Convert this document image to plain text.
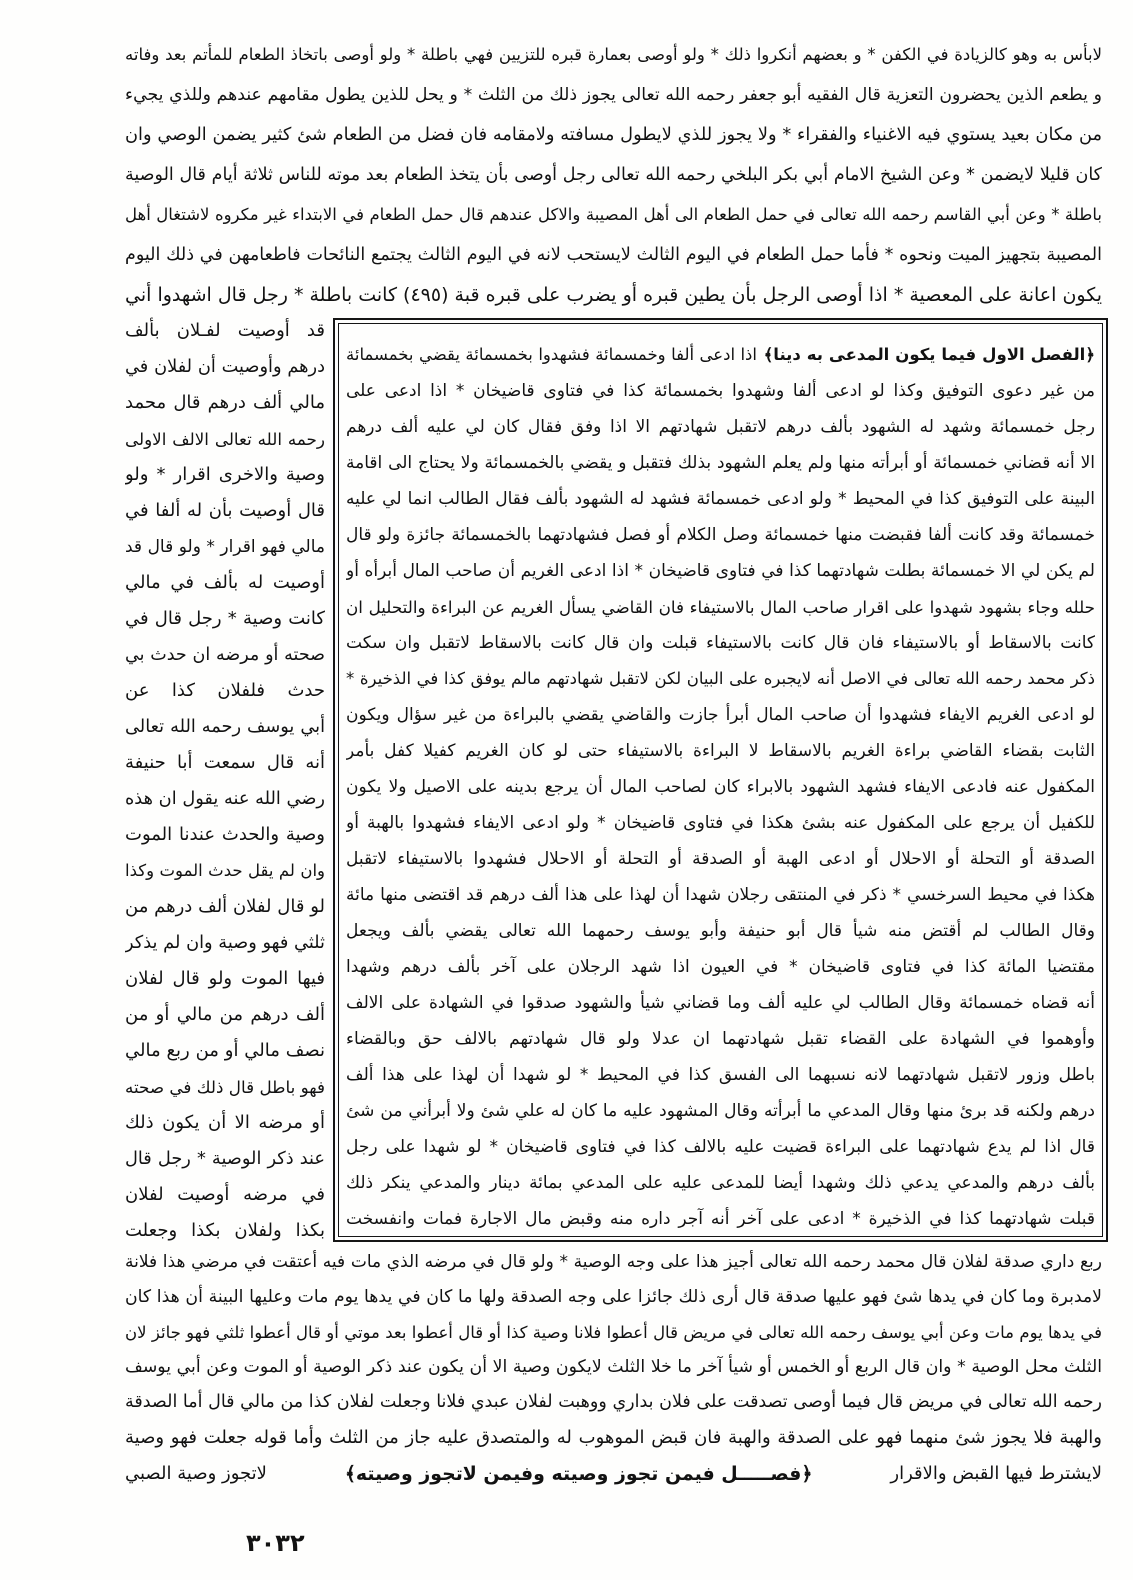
لابأس به وهو كالزيادة في الكفن * و بعضهم أنكروا ذلك * ولو أوصى بعمارة قبره للتزيين فهي باطلة * ولو أوصى باتخاذ الطعام للمأتم بعد وفاته
و يطعم الذين يحضرون التعزية قال الفقيه أبو جعفر رحمه الله تعالى يجوز ذلك من الثلث * و يحل للذين يطول مقامهم عندهم وللذي يجيء
من مكان بعيد يستوي فيه الاغنياء والفقراء * ولا يجوز للذي لايطول مسافته ولامقامه فان فضل من الطعام شئ كثير يضمن الوصي وان
كان قليلا لايضمن * وعن الشيخ الامام أبي بكر البلخي رحمه الله تعالى رجل أوصى بأن يتخذ الطعام بعد موته للناس ثلاثة أيام قال الوصية
باطلة * وعن أبي القاسم رحمه الله تعالى في حمل الطعام الى أهل المصيبة والاكل عندهم قال حمل الطعام في الابتداء غير مكروه لاشتغال أهل
المصيبة بتجهيز الميت ونحوه * فأما حمل الطعام في اليوم الثالث لايستحب لانه في اليوم الثالث يجتمع النائحات فاطعامهن في ذلك اليوم
يكون اعانة على المعصية * اذا أوصى الرجل بأن يطين قبره أو يضرب على قبره قبة (٤٩٥) كانت باطلة * رجل قال اشهدوا أني
﴿الفصل الاول فيما يكون المدعى به دينا﴾اذا ادعى ألفا وخمسمائة فشهدوا بخمسمائة يقضي بخمسمائة
من غير دعوى التوفيق وكذا لو ادعى ألفا وشهدوا بخمسمائة كذا في فتاوى قاضيخان * اذا ادعى على
رجل خمسمائة وشهد له الشهود بألف درهم لاتقبل شهادتهم الا اذا وفق فقال كان لي عليه ألف درهم
الا أنه قضاني خمسمائة أو أبرأته منها ولم يعلم الشهود بذلك فتقبل و يقضي بالخمسمائة ولا يحتاج الى اقامة
البينة على التوفيق كذا في المحيط * ولو ادعى خمسمائة فشهد له الشهود بألف فقال الطالب انما لي عليه
خمسمائة وقد كانت ألفا فقبضت منها خمسمائة وصل الكلام أو فصل فشهادتهما بالخمسمائة جائزة ولو قال
لم يكن لي الا خمسمائة بطلت شهادتهما كذا في فتاوى قاضيخان * اذا ادعى الغريم أن صاحب المال أبرأه أو
حلله وجاء بشهود شهدوا على اقرار صاحب المال بالاستيفاء فان القاضي يسأل الغريم عن البراءة والتحليل ان
كانت بالاسقاط أو بالاستيفاء فان قال كانت بالاستيفاء قبلت وان قال كانت بالاسقاط لاتقبل وان سكت
ذكر محمد رحمه الله تعالى في الاصل أنه لايجبره على البيان لكن لاتقبل شهادتهم مالم يوفق كذا في الذخيرة *
لو ادعى الغريم الايفاء فشهدوا أن صاحب المال أبرأ جازت والقاضي يقضي بالبراءة من غير سؤال ويكون
الثابت بقضاء القاضي براءة الغريم بالاسقاط لا البراءة بالاستيفاء حتى لو كان الغريم كفيلا كفل بأمر
المكفول عنه فادعى الايفاء فشهد الشهود بالابراء كان لصاحب المال أن يرجع بدينه على الاصيل ولا يكون
للكفيل أن يرجع على المكفول عنه بشئ هكذا في فتاوى قاضيخان * ولو ادعى الايفاء فشهدوا بالهبة أو
الصدقة أو التحلة أو الاحلال أو ادعى الهبة أو الصدقة أو التحلة أو الاحلال فشهدوا بالاستيفاء لاتقبل
هكذا في محيط السرخسي * ذكر في المنتقى رجلان شهدا أن لهذا على هذا ألف درهم قد اقتضى منها مائة
وقال الطالب لم أقتض منه شيأ قال أبو حنيفة وأبو يوسف رحمهما الله تعالى يقضي بألف ويجعل
مقتضيا المائة كذا في فتاوى قاضيخان * في العيون اذا شهد الرجلان على آخر بألف درهم وشهدا
أنه قضاه خمسمائة وقال الطالب لي عليه ألف وما قضاني شيأ والشهود صدقوا في الشهادة على الالف
وأوهموا في الشهادة على القضاء تقبل شهادتهما ان عدلا ولو قال شهادتهم بالالف حق وبالقضاء
باطل وزور لاتقبل شهادتهما لانه نسبهما الى الفسق كذا في المحيط * لو شهدا أن لهذا على هذا ألف
درهم ولكنه قد برئ منها وقال المدعي ما أبرأته وقال المشهود عليه ما كان له علي شئ ولا أبرأني من شئ
قال اذا لم يدع شهادتهما على البراءة قضيت عليه بالالف كذا في فتاوى قاضيخان * لو شهدا على رجل
بألف درهم والمدعي يدعي ذلك وشهدا أيضا للمدعى عليه على المدعي بمائة دينار والمدعي ينكر ذلك
قبلت شهادتهما كذا في الذخيرة * ادعى على آخر أنه آجر داره منه وقبض مال الاجارة فمات وانفسخت
قد أوصيت لفـلان بألف
درهم وأوصيت أن لفلان في
مالي ألف درهم قال محمد
رحمه الله تعالى الالف الاولى
وصية والاخرى اقرار * ولو
قال أوصيت بأن له ألفا في
مالي فهو اقرار * ولو قال قد
أوصيت له بألف في مالي
كانت وصية * رجل قال في
صحته أو مرضه ان حدث بي
حدث فلفلان كذا عن
أبي يوسف رحمه الله تعالى
أنه قال سمعت أبا حنيفة
رضي الله عنه يقول ان هذه
وصية والحدث عندنا الموت
وان لم يقل حدث الموت وكذا
لو قال لفلان ألف درهم من
ثلثي فهو وصية وان لم يذكر
فيها الموت ولو قال لفلان
ألف درهم من مالي أو من
نصف مالي أو من ربع مالي
فهو باطل قال ذلك في صحته
أو مرضه الا أن يكون ذلك
عند ذكر الوصية * رجل قال
في مرضه أوصيت لفلان
بكذا ولفلان بكذا وجعلت
ربع داري صدقة لفلان قال محمد رحمه الله تعالى أجيز هذا على وجه الوصية * ولو قال في مرضه الذي مات فيه أعتقت في مرضي هذا فلانة
لامدبرة وما كان في يدها شئ فهو عليها صدقة قال أرى ذلك جائزا على وجه الصدقة ولها ما كان في يدها يوم مات وعليها البينة أن هذا كان
في يدها يوم مات وعن أبي يوسف رحمه الله تعالى في مريض قال أعطوا فلانا وصية كذا أو قال أعطوا بعد موتي أو قال أعطوا ثلثي فهو جائز لان
الثلث محل الوصية * وان قال الربع أو الخمس أو شيأ آخر ما خلا الثلث لايكون وصية الا أن يكون عند ذكر الوصية أو الموت وعن أبي يوسف
رحمه الله تعالى في مريض قال فيما أوصى تصدقت على فلان بداري ووهبت لفلان عبدي فلانا وجعلت لفلان كذا من مالي قال أما الصدقة
والهبة فلا يجوز شئ منهما فهو على الصدقة والهبة فان قبض الموهوب له والمتصدق عليه جاز من الثلث وأما قوله جعلت فهو وصية
لايشترط فيها القبض والاقرار
﴿فصـــــل فيمن تجوز وصيته وفيمن لاتجوز وصيته﴾
لاتجوز وصية الصبي
٣٠٣٢
